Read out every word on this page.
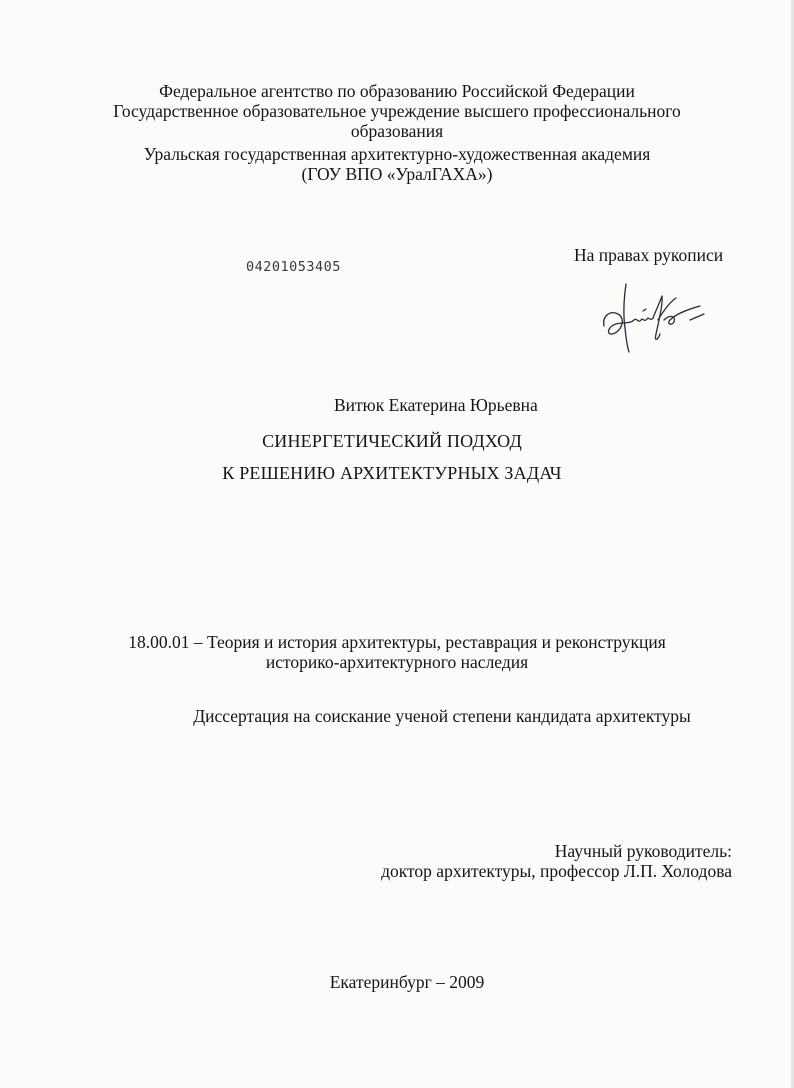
Федеральное агентство по образованию Российской Федерации
Государственное образовательное учреждение высшего профессионального
образования
Уральская государственная архитектурно-художественная академия
(ГОУ ВПО «УралГАХА»)
04201053405
На правах рукописи
Витюк Екатерина Юрьевна
СИНЕРГЕТИЧЕСКИЙ ПОДХОД
К РЕШЕНИЮ АРХИТЕКТУРНЫХ ЗАДАЧ
18.00.01 – Теория и история архитектуры, реставрация и реконструкция
историко-архитектурного наследия
Диссертация на соискание ученой степени кандидата архитектуры
Научный руководитель:
доктор архитектуры, профессор Л.П. Холодова
Екатеринбург – 2009
